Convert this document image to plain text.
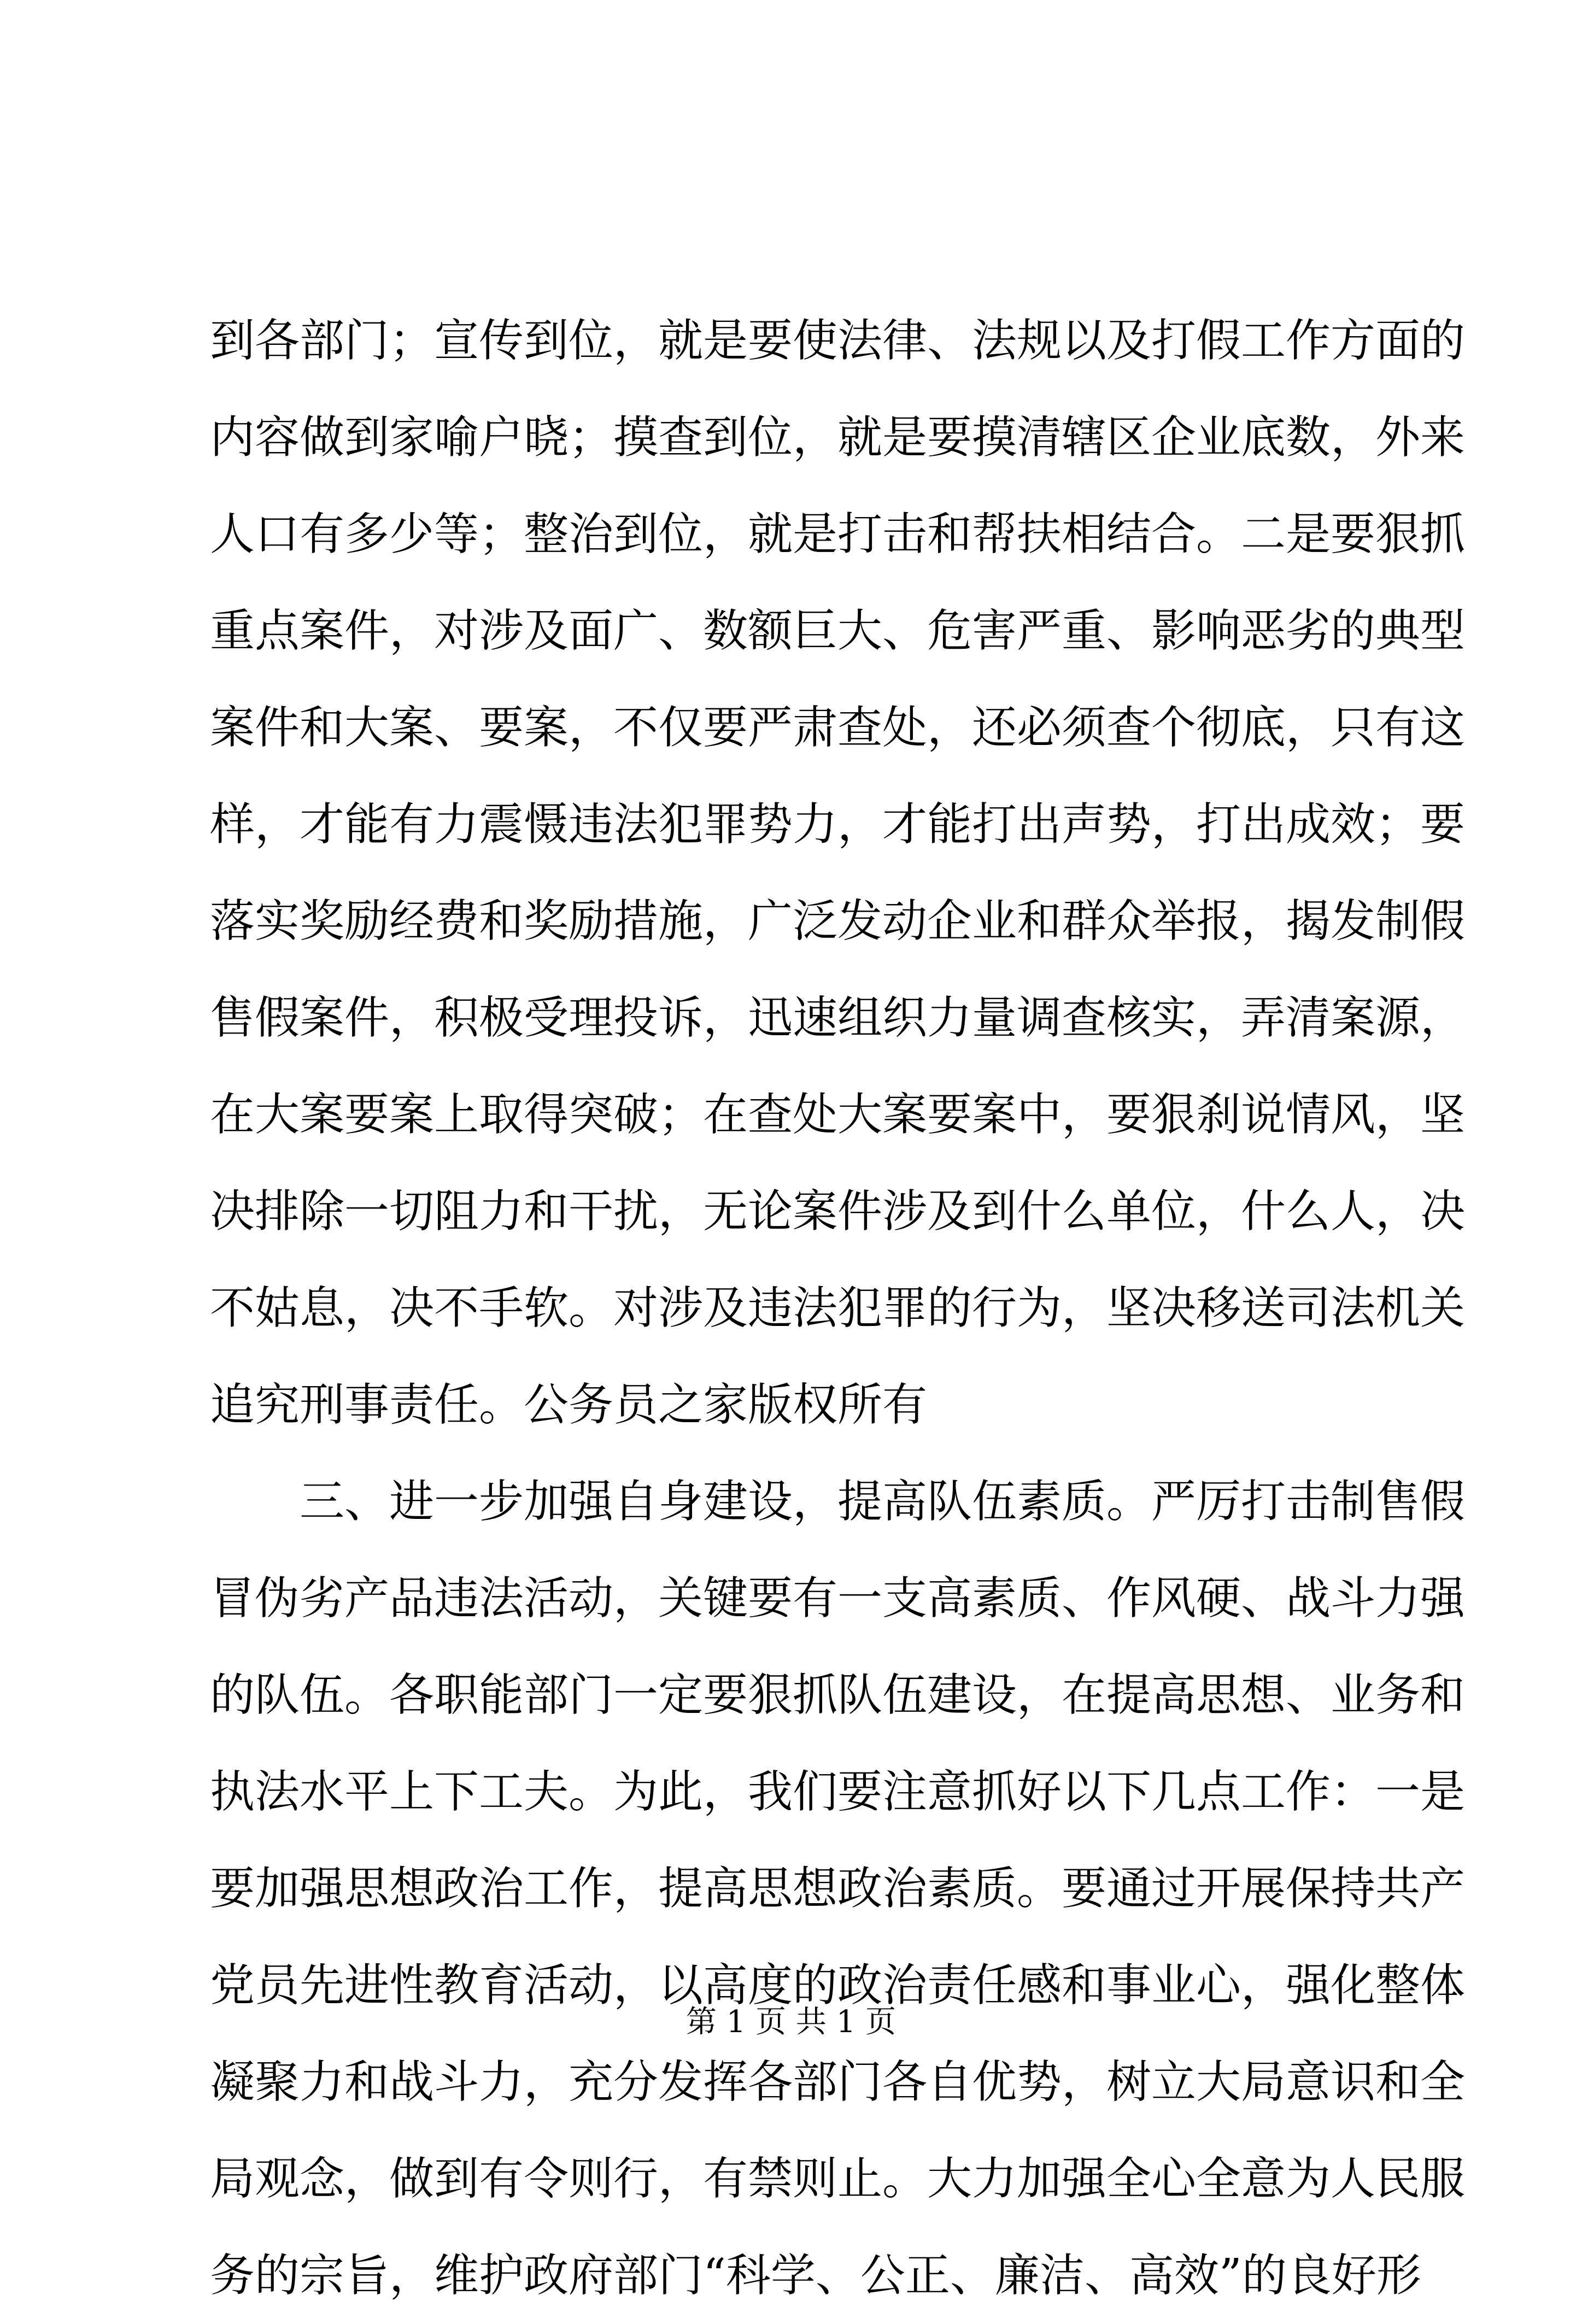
到各部门；宣传到位，就是要使法律、法规以及打假工作方面的
内容做到家喻户晓；摸查到位，就是要摸清辖区企业底数，外来
人口有多少等；整治到位，就是打击和帮扶相结合。二是要狠抓
重点案件，对涉及面广、数额巨大、危害严重、影响恶劣的典型
案件和大案、要案，不仅要严肃查处，还必须查个彻底，只有这
样，才能有力震慑违法犯罪势力，才能打出声势，打出成效；要
落实奖励经费和奖励措施，广泛发动企业和群众举报，揭发制假
售假案件，积极受理投诉，迅速组织力量调查核实，弄清案源，
在大案要案上取得突破；在查处大案要案中，要狠刹说情风，坚
决排除一切阻力和干扰，无论案件涉及到什么单位，什么人，决
不姑息，决不手软。对涉及违法犯罪的行为，坚决移送司法机关
追究刑事责任。公务员之家版权所有
三、进一步加强自身建设，提高队伍素质。严厉打击制售假
冒伪劣产品违法活动，关键要有一支高素质、作风硬、战斗力强
的队伍。各职能部门一定要狠抓队伍建设，在提高思想、业务和
执法水平上下工夫。为此，我们要注意抓好以下几点工作：一是
要加强思想政治工作，提高思想政治素质。要通过开展保持共产
党员先进性教育活动，以高度的政治责任感和事业心，强化整体
凝聚力和战斗力，充分发挥各部门各自优势，树立大局意识和全
局观念，做到有令则行，有禁则止。大力加强全心全意为人民服
务的宗旨，维护政府部门“科学、公正、廉洁、高效”的良好形
第 1 页 共 1 页
